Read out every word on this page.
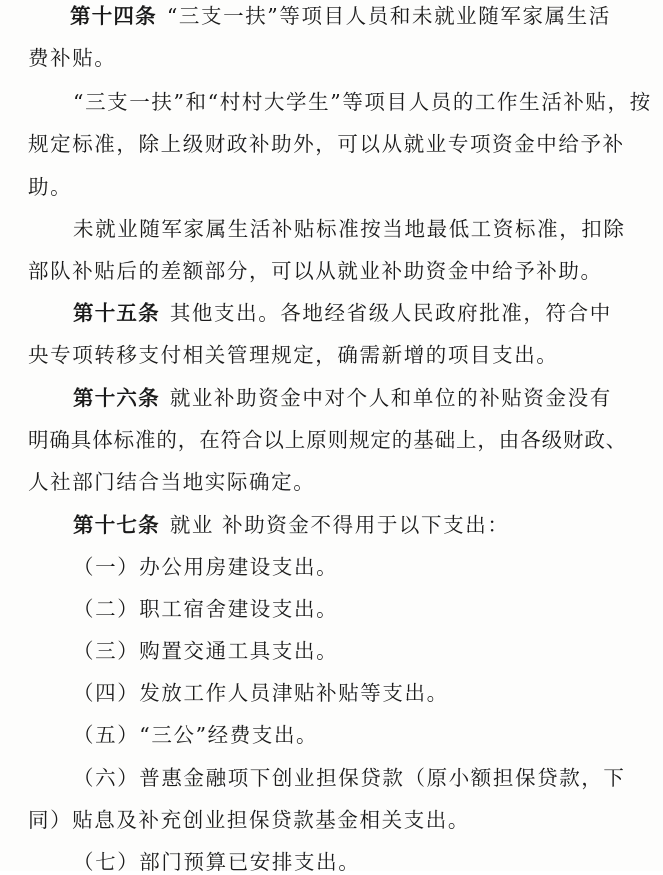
第十四条 “三支一扶”等项目人员和未就业随军家属生活
费补贴。
“三支一扶”和“村村大学生”等项目人员的工作生活补贴，按
规定标准，除上级财政补助外，可以从就业专项资金中给予补
助。
未就业随军家属生活补贴标准按当地最低工资标准，扣除
部队补贴后的差额部分，可以从就业补助资金中给予补助。
第十五条 其他支出。各地经省级人民政府批准，符合中
央专项转移支付相关管理规定，确需新增的项目支出。
第十六条 就业补助资金中对个人和单位的补贴资金没有
明确具体标准的，在符合以上原则规定的基础上，由各级财政、
人社部门结合当地实际确定。
第十七条 就业 补助资金不得用于以下支出：
（一）办公用房建设支出。
（二）职工宿舍建设支出。
（三）购置交通工具支出。
（四）发放工作人员津贴补贴等支出。
（五）“三公”经费支出。
（六）普惠金融项下创业担保贷款（原小额担保贷款，下
同）贴息及补充创业担保贷款基金相关支出。
（七）部门预算已安排支出。
